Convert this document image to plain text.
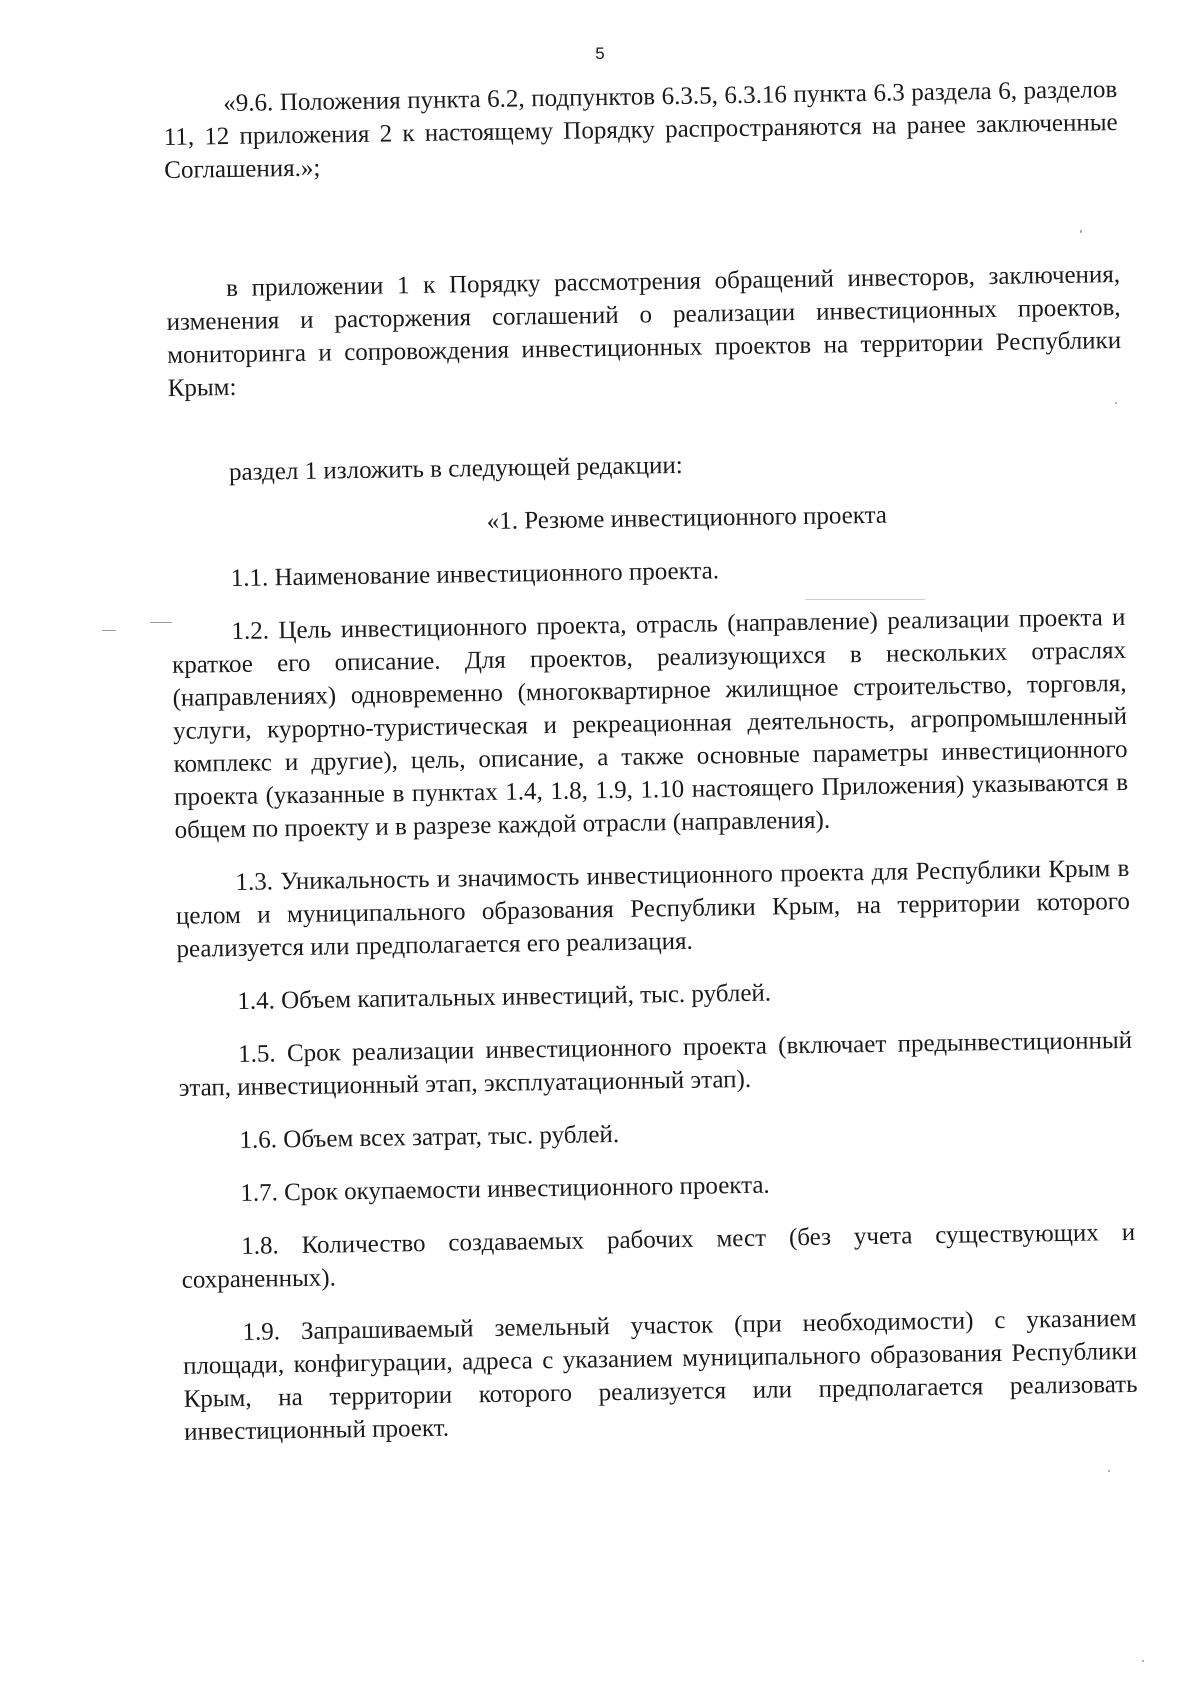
5

«9.6. Положения пункта 6.2, подпунктов 6.3.5, 6.3.16 пункта 6.3 раздела 6, разделов 11, 12 приложения 2 к настоящему Порядку распространяются на ранее заключенные Соглашения.»;

в приложении 1 к Порядку рассмотрения обращений инвесторов, заключения, изменения и расторжения соглашений о реализации инвестиционных проектов, мониторинга и сопровождения инвестиционных проектов на территории Республики Крым:

раздел 1 изложить в следующей редакции:

«1. Резюме инвестиционного проекта

1.1. Наименование инвестиционного проекта.

1.2. Цель инвестиционного проекта, отрасль (направление) реализации проекта и краткое его описание. Для проектов, реализующихся в нескольких отраслях (направлениях) одновременно (многоквартирное жилищное строительство, торговля, услуги, курортно-туристическая и рекреационная деятельность, агропромышленный комплекс и другие), цель, описание, а также основные параметры инвестиционного проекта (указанные в пунктах 1.4, 1.8, 1.9, 1.10 настоящего Приложения) указываются в общем по проекту и в разрезе каждой отрасли (направления).

1.3. Уникальность и значимость инвестиционного проекта для Республики Крым в целом и муниципального образования Республики Крым, на территории которого реализуется или предполагается его реализация.

1.4. Объем капитальных инвестиций, тыс. рублей.

1.5. Срок реализации инвестиционного проекта (включает предынвестиционный этап, инвестиционный этап, эксплуатационный этап).

1.6. Объем всех затрат, тыс. рублей.

1.7. Срок окупаемости инвестиционного проекта.

1.8. Количество создаваемых рабочих мест (без учета существующих и сохраненных).

1.9. Запрашиваемый земельный участок (при необходимости) с указанием площади, конфигурации, адреса с указанием муниципального образования Республики Крым, на территории которого реализуется или предполагается реализовать инвестиционный проект.
